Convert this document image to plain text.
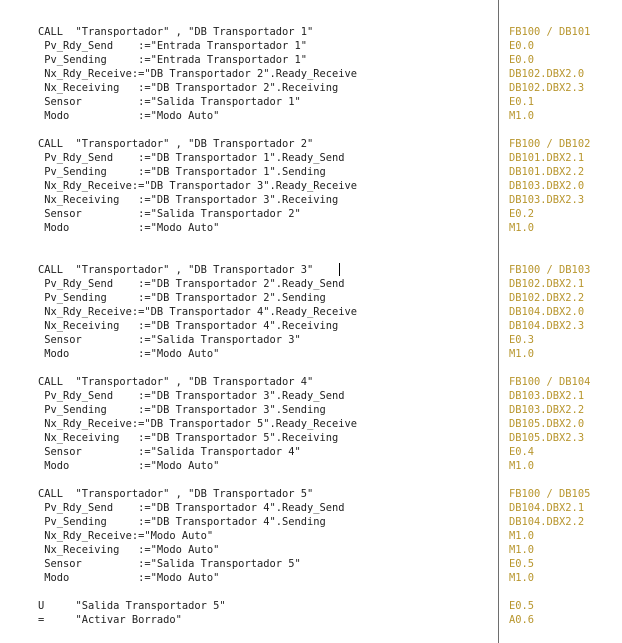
CALL  "Transportador" , "DB Transportador 1"
Pv_Rdy_Send    :="Entrada Transportador 1"
Pv_Sending     :="Entrada Transportador 1"
Nx_Rdy_Receive:="DB Transportador 2".Ready_Receive
Nx_Receiving   :="DB Transportador 2".Receiving
Sensor         :="Salida Transportador 1"
Modo           :="Modo Auto"
CALL  "Transportador" , "DB Transportador 2"
Pv_Rdy_Send    :="DB Transportador 1".Ready_Send
Pv_Sending     :="DB Transportador 1".Sending
Nx_Rdy_Receive:="DB Transportador 3".Ready_Receive
Nx_Receiving   :="DB Transportador 3".Receiving
Sensor         :="Salida Transportador 2"
Modo           :="Modo Auto"
CALL  "Transportador" , "DB Transportador 3"
Pv_Rdy_Send    :="DB Transportador 2".Ready_Send
Pv_Sending     :="DB Transportador 2".Sending
Nx_Rdy_Receive:="DB Transportador 4".Ready_Receive
Nx_Receiving   :="DB Transportador 4".Receiving
Sensor         :="Salida Transportador 3"
Modo           :="Modo Auto"
CALL  "Transportador" , "DB Transportador 4"
Pv_Rdy_Send    :="DB Transportador 3".Ready_Send
Pv_Sending     :="DB Transportador 3".Sending
Nx_Rdy_Receive:="DB Transportador 5".Ready_Receive
Nx_Receiving   :="DB Transportador 5".Receiving
Sensor         :="Salida Transportador 4"
Modo           :="Modo Auto"
CALL  "Transportador" , "DB Transportador 5"
Pv_Rdy_Send    :="DB Transportador 4".Ready_Send
Pv_Sending     :="DB Transportador 4".Sending
Nx_Rdy_Receive:="Modo Auto"
Nx_Receiving   :="Modo Auto"
Sensor         :="Salida Transportador 5"
Modo           :="Modo Auto"
U     "Salida Transportador 5"
=     "Activar Borrado"
FB100 / DB101
E0.0
E0.0
DB102.DBX2.0
DB102.DBX2.3
E0.1
M1.0
FB100 / DB102
DB101.DBX2.1
DB101.DBX2.2
DB103.DBX2.0
DB103.DBX2.3
E0.2
M1.0
FB100 / DB103
DB102.DBX2.1
DB102.DBX2.2
DB104.DBX2.0
DB104.DBX2.3
E0.3
M1.0
FB100 / DB104
DB103.DBX2.1
DB103.DBX2.2
DB105.DBX2.0
DB105.DBX2.3
E0.4
M1.0
FB100 / DB105
DB104.DBX2.1
DB104.DBX2.2
M1.0
M1.0
E0.5
M1.0
E0.5
A0.6
